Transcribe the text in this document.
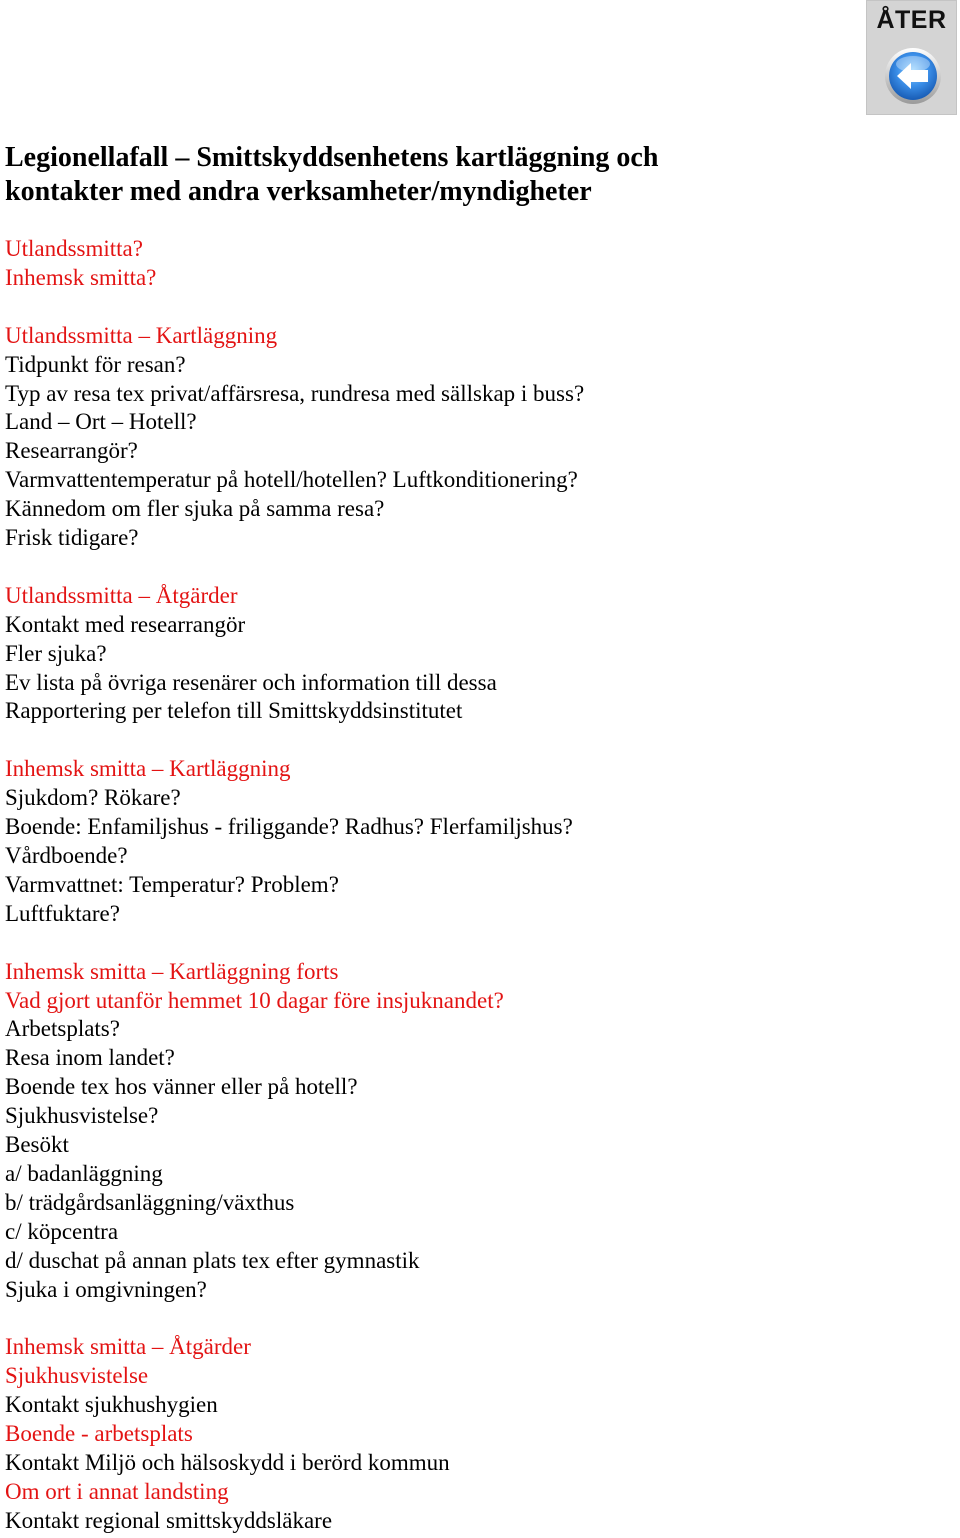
ÅTER
Legionellafall – Smittskyddsenhetens kartläggning och
kontakter med andra verksamheter/myndigheter
Utlandssmitta?
Inhemsk smitta?
Utlandssmitta – Kartläggning
Tidpunkt för resan?
Typ av resa tex privat/affärsresa, rundresa med sällskap i buss?
Land – Ort – Hotell?
Researrangör?
Varmvattentemperatur på hotell/hotellen? Luftkonditionering?
Kännedom om fler sjuka på samma resa?
Frisk tidigare?
Utlandssmitta – Åtgärder
Kontakt med researrangör
Fler sjuka?
Ev lista på övriga resenärer och information till dessa
Rapportering per telefon till Smittskyddsinstitutet
Inhemsk smitta – Kartläggning
Sjukdom? Rökare?
Boende: Enfamiljshus - friliggande? Radhus? Flerfamiljshus?
Vårdboende?
Varmvattnet: Temperatur? Problem?
Luftfuktare?
Inhemsk smitta – Kartläggning forts
Vad gjort utanför hemmet 10 dagar före insjuknandet?
Arbetsplats?
Resa inom landet?
Boende tex hos vänner eller på hotell?
Sjukhusvistelse?
Besökt
a/ badanläggning
b/ trädgårdsanläggning/växthus
c/ köpcentra
d/ duschat på annan plats tex efter gymnastik
Sjuka i omgivningen?
Inhemsk smitta – Åtgärder
Sjukhusvistelse
Kontakt sjukhushygien
Boende - arbetsplats
Kontakt Miljö och hälsoskydd i berörd kommun
Om ort i annat landsting
Kontakt regional smittskyddsläkare
